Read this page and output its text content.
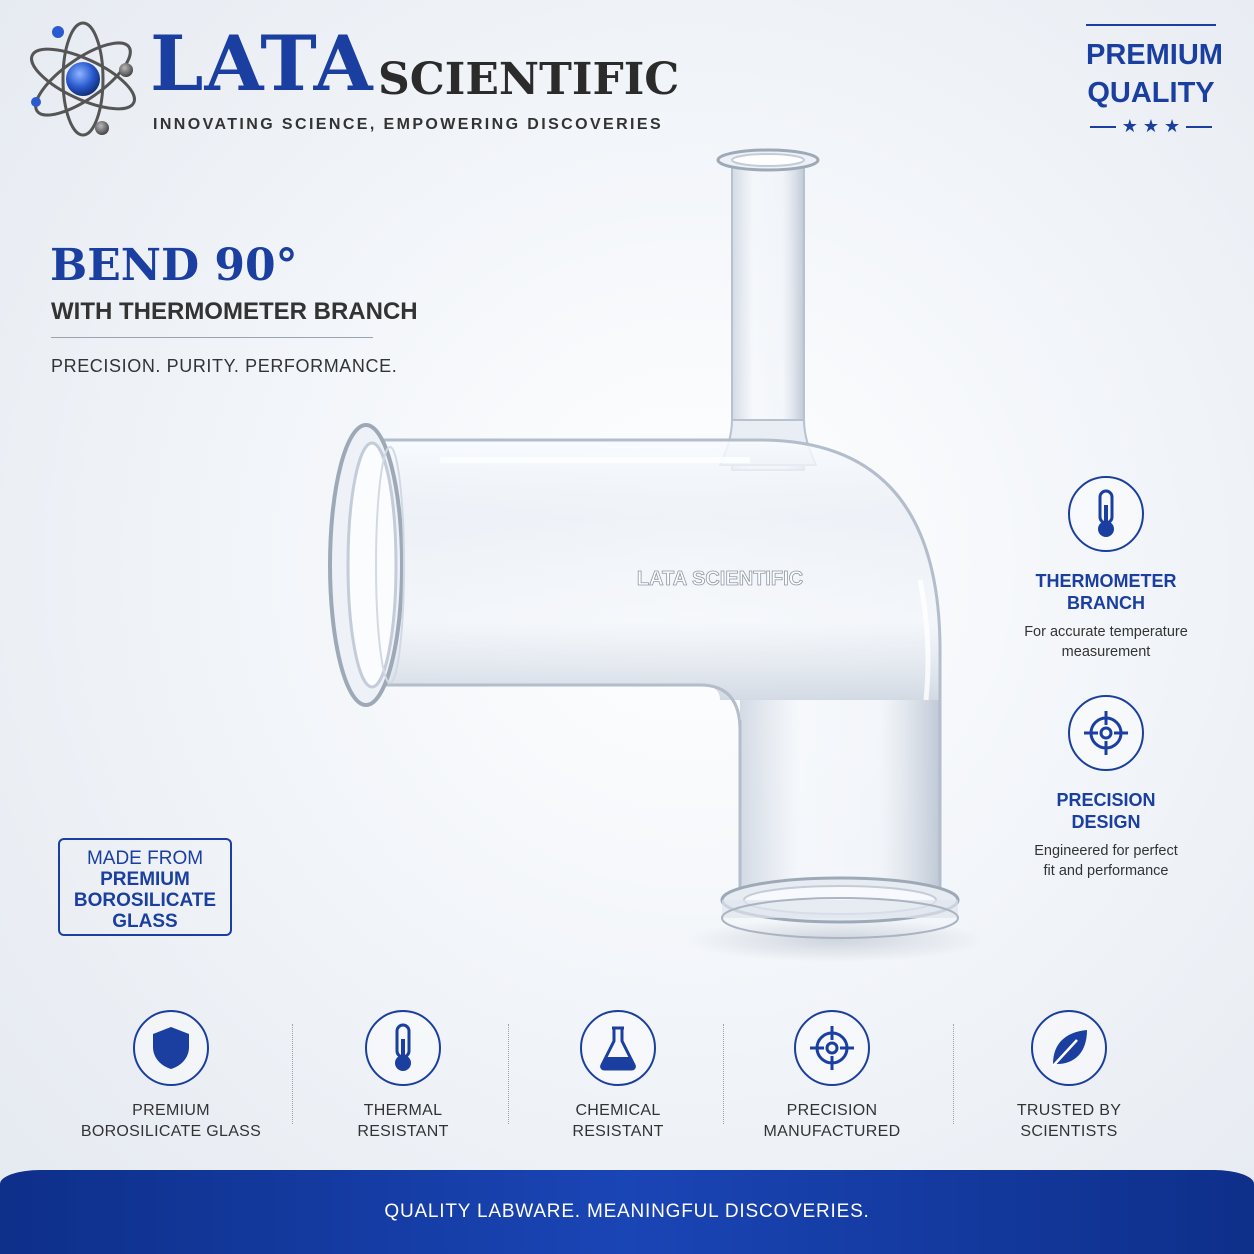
LATA SCIENTIFIC
INNOVATING SCIENCE, EMPOWERING DISCOVERIES
PREMIUM
QUALITY
★ ★ ★
BEND 90°
WITH THERMOMETER BRANCH
PRECISION. PURITY. PERFORMANCE.
LATA SCIENTIFIC
MADE FROM
PREMIUM
BOROSILICATE
GLASS
THERMOMETER
BRANCH
For accurate temperature
measurement
PRECISION
DESIGN
Engineered for perfect
fit and performance
PREMIUM
BOROSILICATE GLASS
THERMAL
RESISTANT
CHEMICAL
RESISTANT
PRECISION
MANUFACTURED
TRUSTED BY
SCIENTISTS
QUALITY LABWARE. MEANINGFUL DISCOVERIES.
